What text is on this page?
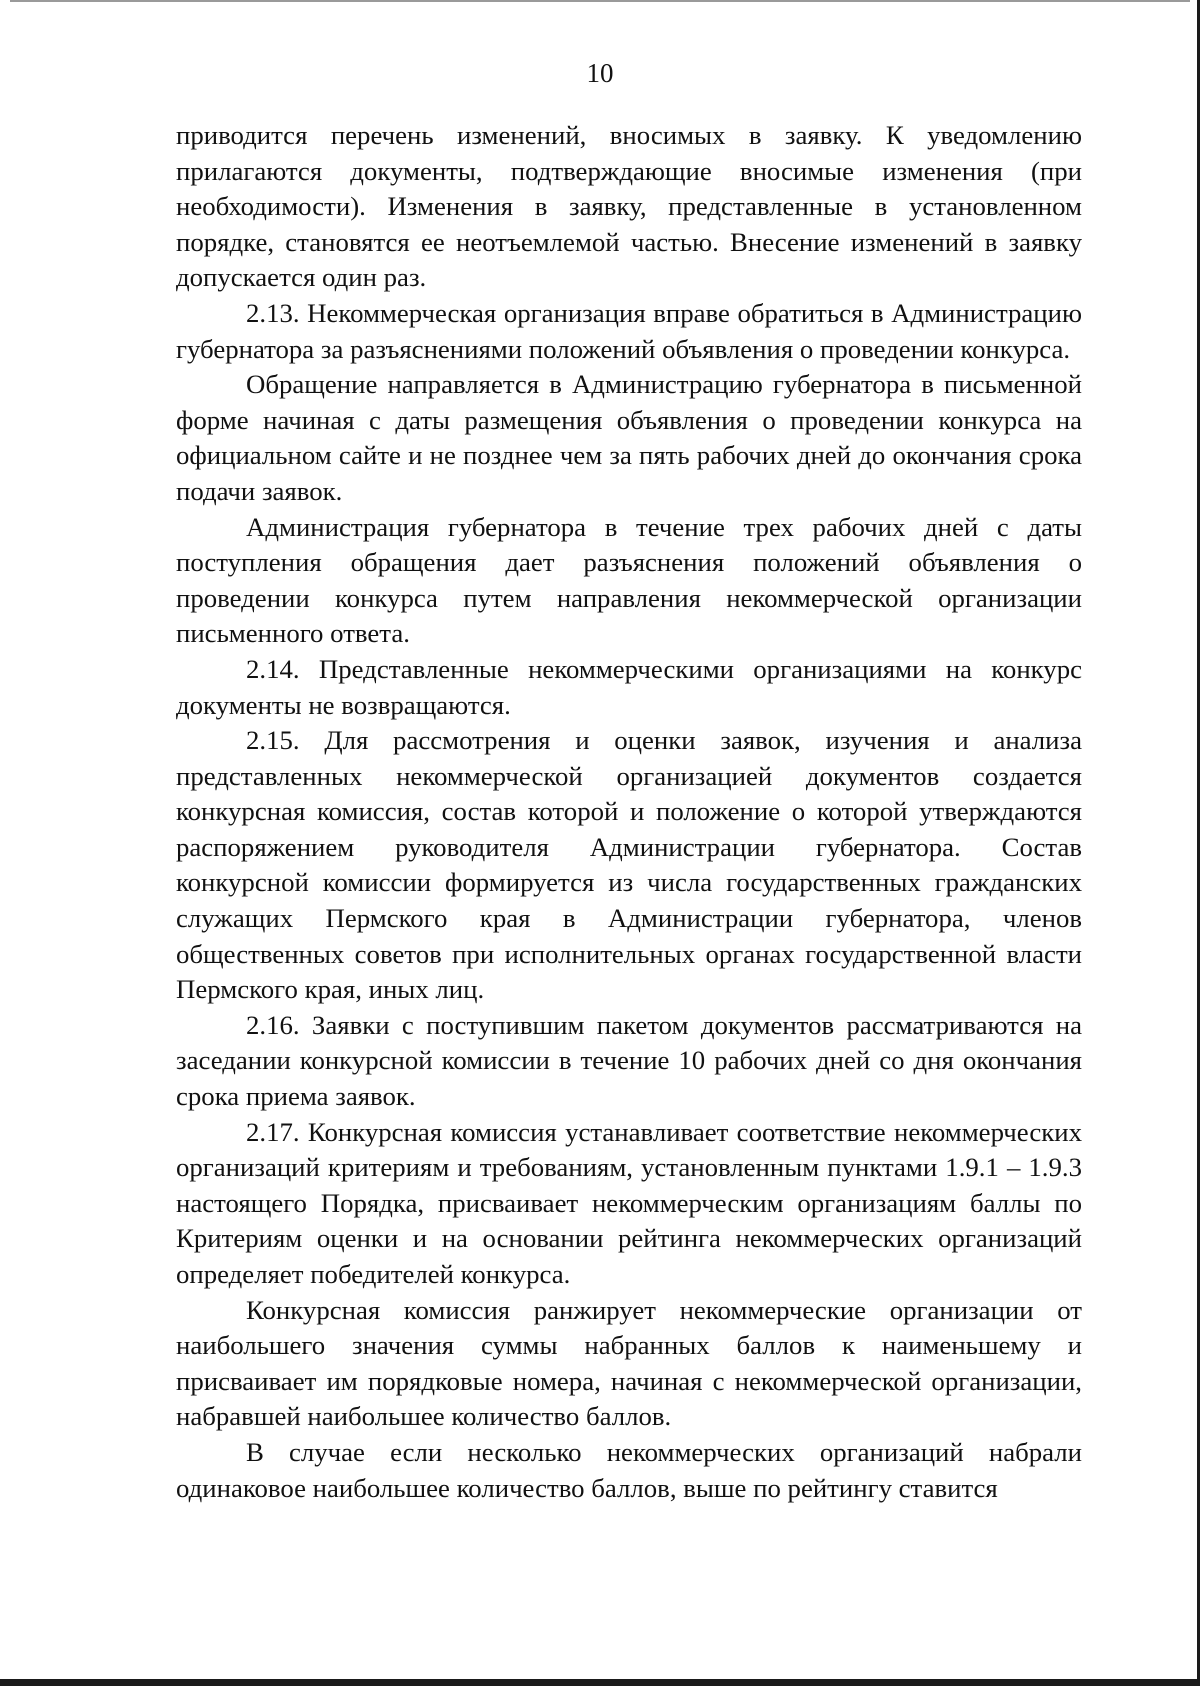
10

приводится перечень изменений, вносимых в заявку. К уведомлению прилагаются документы, подтверждающие вносимые изменения (при необходимости). Изменения в заявку, представленные в установленном порядке, становятся ее неотъемлемой частью. Внесение изменений в заявку допускается один раз.

2.13. Некоммерческая организация вправе обратиться в Администрацию губернатора за разъяснениями положений объявления о проведении конкурса.

Обращение направляется в Администрацию губернатора в письменной форме начиная с даты размещения объявления о проведении конкурса на официальном сайте и не позднее чем за пять рабочих дней до окончания срока подачи заявок.

Администрация губернатора в течение трех рабочих дней с даты поступления обращения дает разъяснения положений объявления о проведении конкурса путем направления некоммерческой организации письменного ответа.

2.14. Представленные некоммерческими организациями на конкурс документы не возвращаются.

2.15. Для рассмотрения и оценки заявок, изучения и анализа представленных некоммерческой организацией документов создается конкурсная комиссия, состав которой и положение о которой утверждаются распоряжением руководителя Администрации губернатора. Состав конкурсной комиссии формируется из числа государственных гражданских служащих Пермского края в Администрации губернатора, членов общественных советов при исполнительных органах государственной власти Пермского края, иных лиц.

2.16. Заявки с поступившим пакетом документов рассматриваются на заседании конкурсной комиссии в течение 10 рабочих дней со дня окончания срока приема заявок.

2.17. Конкурсная комиссия устанавливает соответствие некоммерческих организаций критериям и требованиям, установленным пунктами 1.9.1 – 1.9.3 настоящего Порядка, присваивает некоммерческим организациям баллы по Критериям оценки и на основании рейтинга некоммерческих организаций определяет победителей конкурса.

Конкурсная комиссия ранжирует некоммерческие организации от наибольшего значения суммы набранных баллов к наименьшему и присваивает им порядковые номера, начиная с некоммерческой организации, набравшей наибольшее количество баллов.

В случае если несколько некоммерческих организаций набрали одинаковое наибольшее количество баллов, выше по рейтингу ставится
